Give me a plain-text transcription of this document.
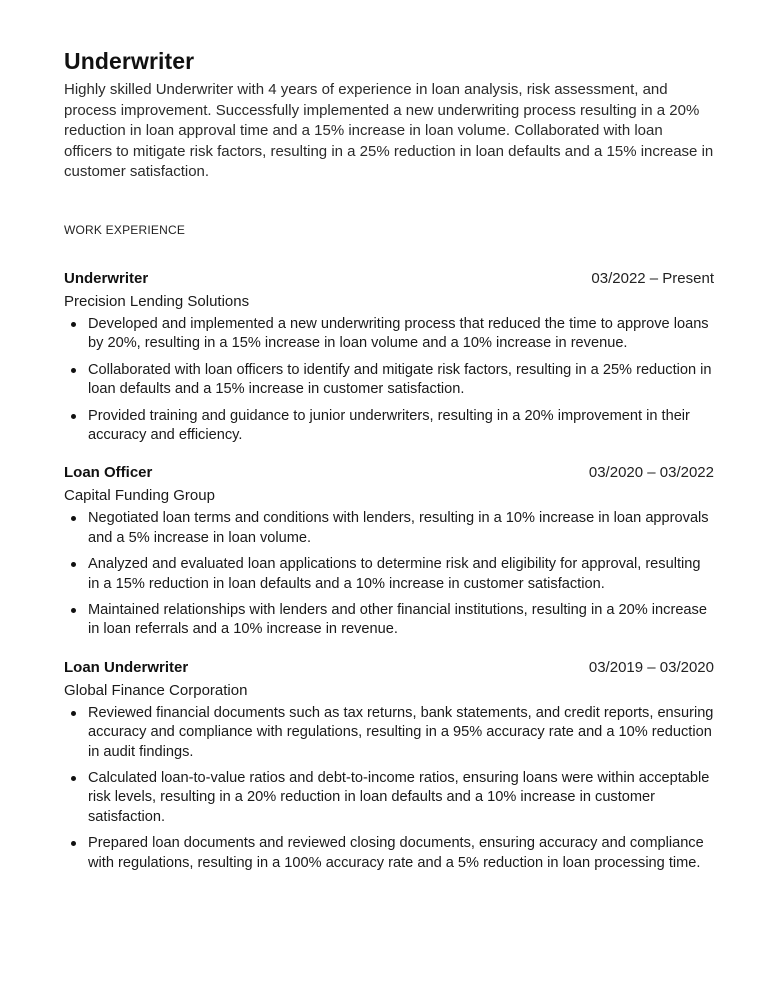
Underwriter

Highly skilled Underwriter with 4 years of experience in loan analysis, risk assessment, and process improvement. Successfully implemented a new underwriting process resulting in a 20% reduction in loan approval time and a 15% increase in loan volume. Collaborated with loan officers to mitigate risk factors, resulting in a 25% reduction in loan defaults and a 15% increase in customer satisfaction.

WORK EXPERIENCE
Underwriter	03/2022 – Present
Precision Lending Solutions
Developed and implemented a new underwriting process that reduced the time to approve loans by 20%, resulting in a 15% increase in loan volume and a 10% increase in revenue.
Collaborated with loan officers to identify and mitigate risk factors, resulting in a 25% reduction in loan defaults and a 15% increase in customer satisfaction.
Provided training and guidance to junior underwriters, resulting in a 20% improvement in their accuracy and efficiency.
Loan Officer	03/2020 – 03/2022
Capital Funding Group
Negotiated loan terms and conditions with lenders, resulting in a 10% increase in loan approvals and a 5% increase in loan volume.
Analyzed and evaluated loan applications to determine risk and eligibility for approval, resulting in a 15% reduction in loan defaults and a 10% increase in customer satisfaction.
Maintained relationships with lenders and other financial institutions, resulting in a 20% increase in loan referrals and a 10% increase in revenue.
Loan Underwriter	03/2019 – 03/2020
Global Finance Corporation
Reviewed financial documents such as tax returns, bank statements, and credit reports, ensuring accuracy and compliance with regulations, resulting in a 95% accuracy rate and a 10% reduction in audit findings.
Calculated loan-to-value ratios and debt-to-income ratios, ensuring loans were within acceptable risk levels, resulting in a 20% reduction in loan defaults and a 10% increase in customer satisfaction.
Prepared loan documents and reviewed closing documents, ensuring accuracy and compliance with regulations, resulting in a 100% accuracy rate and a 5% reduction in loan processing time.
